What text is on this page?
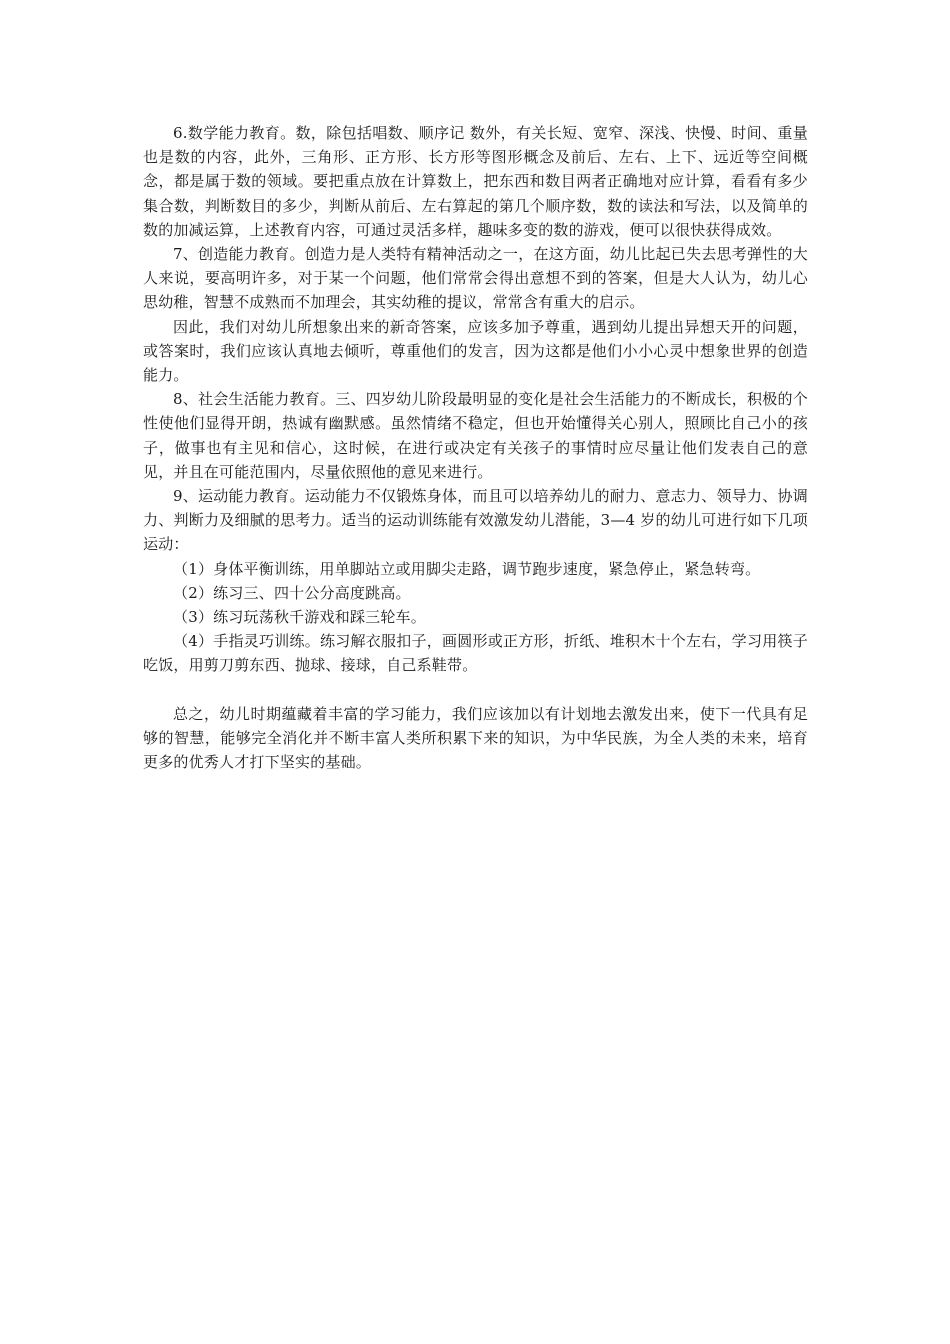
6.数学能力教育。数，除包括唱数、顺序记 数外，有关长短、宽窄、深浅、快慢、时间、重量也是数的内容，此外，三角形、正方形、长方形等图形概念及前后、左右、上下、远近等空间概念，都是属于数的领域。要把重点放在计算数上，把东西和数目两者正确地对应计算，看看有多少集合数，判断数目的多少，判断从前后、左右算起的第几个顺序数，数的读法和写法，以及简单的数的加减运算，上述教育内容，可通过灵活多样，趣味多变的数的游戏，便可以很快获得成效。

7、创造能力教育。创造力是人类特有精神活动之一，在这方面，幼儿比起已失去思考弹性的大人来说，要高明许多，对于某一个问题，他们常常会得出意想不到的答案，但是大人认为，幼儿心思幼稚，智慧不成熟而不加理会，其实幼稚的提议，常常含有重大的启示。

因此，我们对幼儿所想象出来的新奇答案，应该多加予尊重，遇到幼儿提出异想天开的问题，或答案时，我们应该认真地去倾听，尊重他们的发言，因为这都是他们小小心灵中想象世界的创造能力。

8、社会生活能力教育。三、四岁幼儿阶段最明显的变化是社会生活能力的不断成长，积极的个性使他们显得开朗，热诚有幽默感。虽然情绪不稳定，但也开始懂得关心别人，照顾比自己小的孩子，做事也有主见和信心，这时候，在进行或决定有关孩子的事情时应尽量让他们发表自己的意见，并且在可能范围内，尽量依照他的意见来进行。

9、运动能力教育。运动能力不仅锻炼身体，而且可以培养幼儿的耐力、意志力、领导力、协调力、判断力及细腻的思考力。适当的运动训练能有效激发幼儿潜能，3—4 岁的幼儿可进行如下几项运动：

（1）身体平衡训练，用单脚站立或用脚尖走路，调节跑步速度，紧急停止，紧急转弯。

（2）练习三、四十公分高度跳高。

（3）练习玩荡秋千游戏和踩三轮车。

（4）手指灵巧训练。练习解衣服扣子，画圆形或正方形，折纸、堆积木十个左右，学习用筷子吃饭，用剪刀剪东西、抛球、接球，自己系鞋带。

总之，幼儿时期蕴藏着丰富的学习能力，我们应该加以有计划地去激发出来，使下一代具有足够的智慧，能够完全消化并不断丰富人类所积累下来的知识，为中华民族，为全人类的未来，培育更多的优秀人才打下坚实的基础。
